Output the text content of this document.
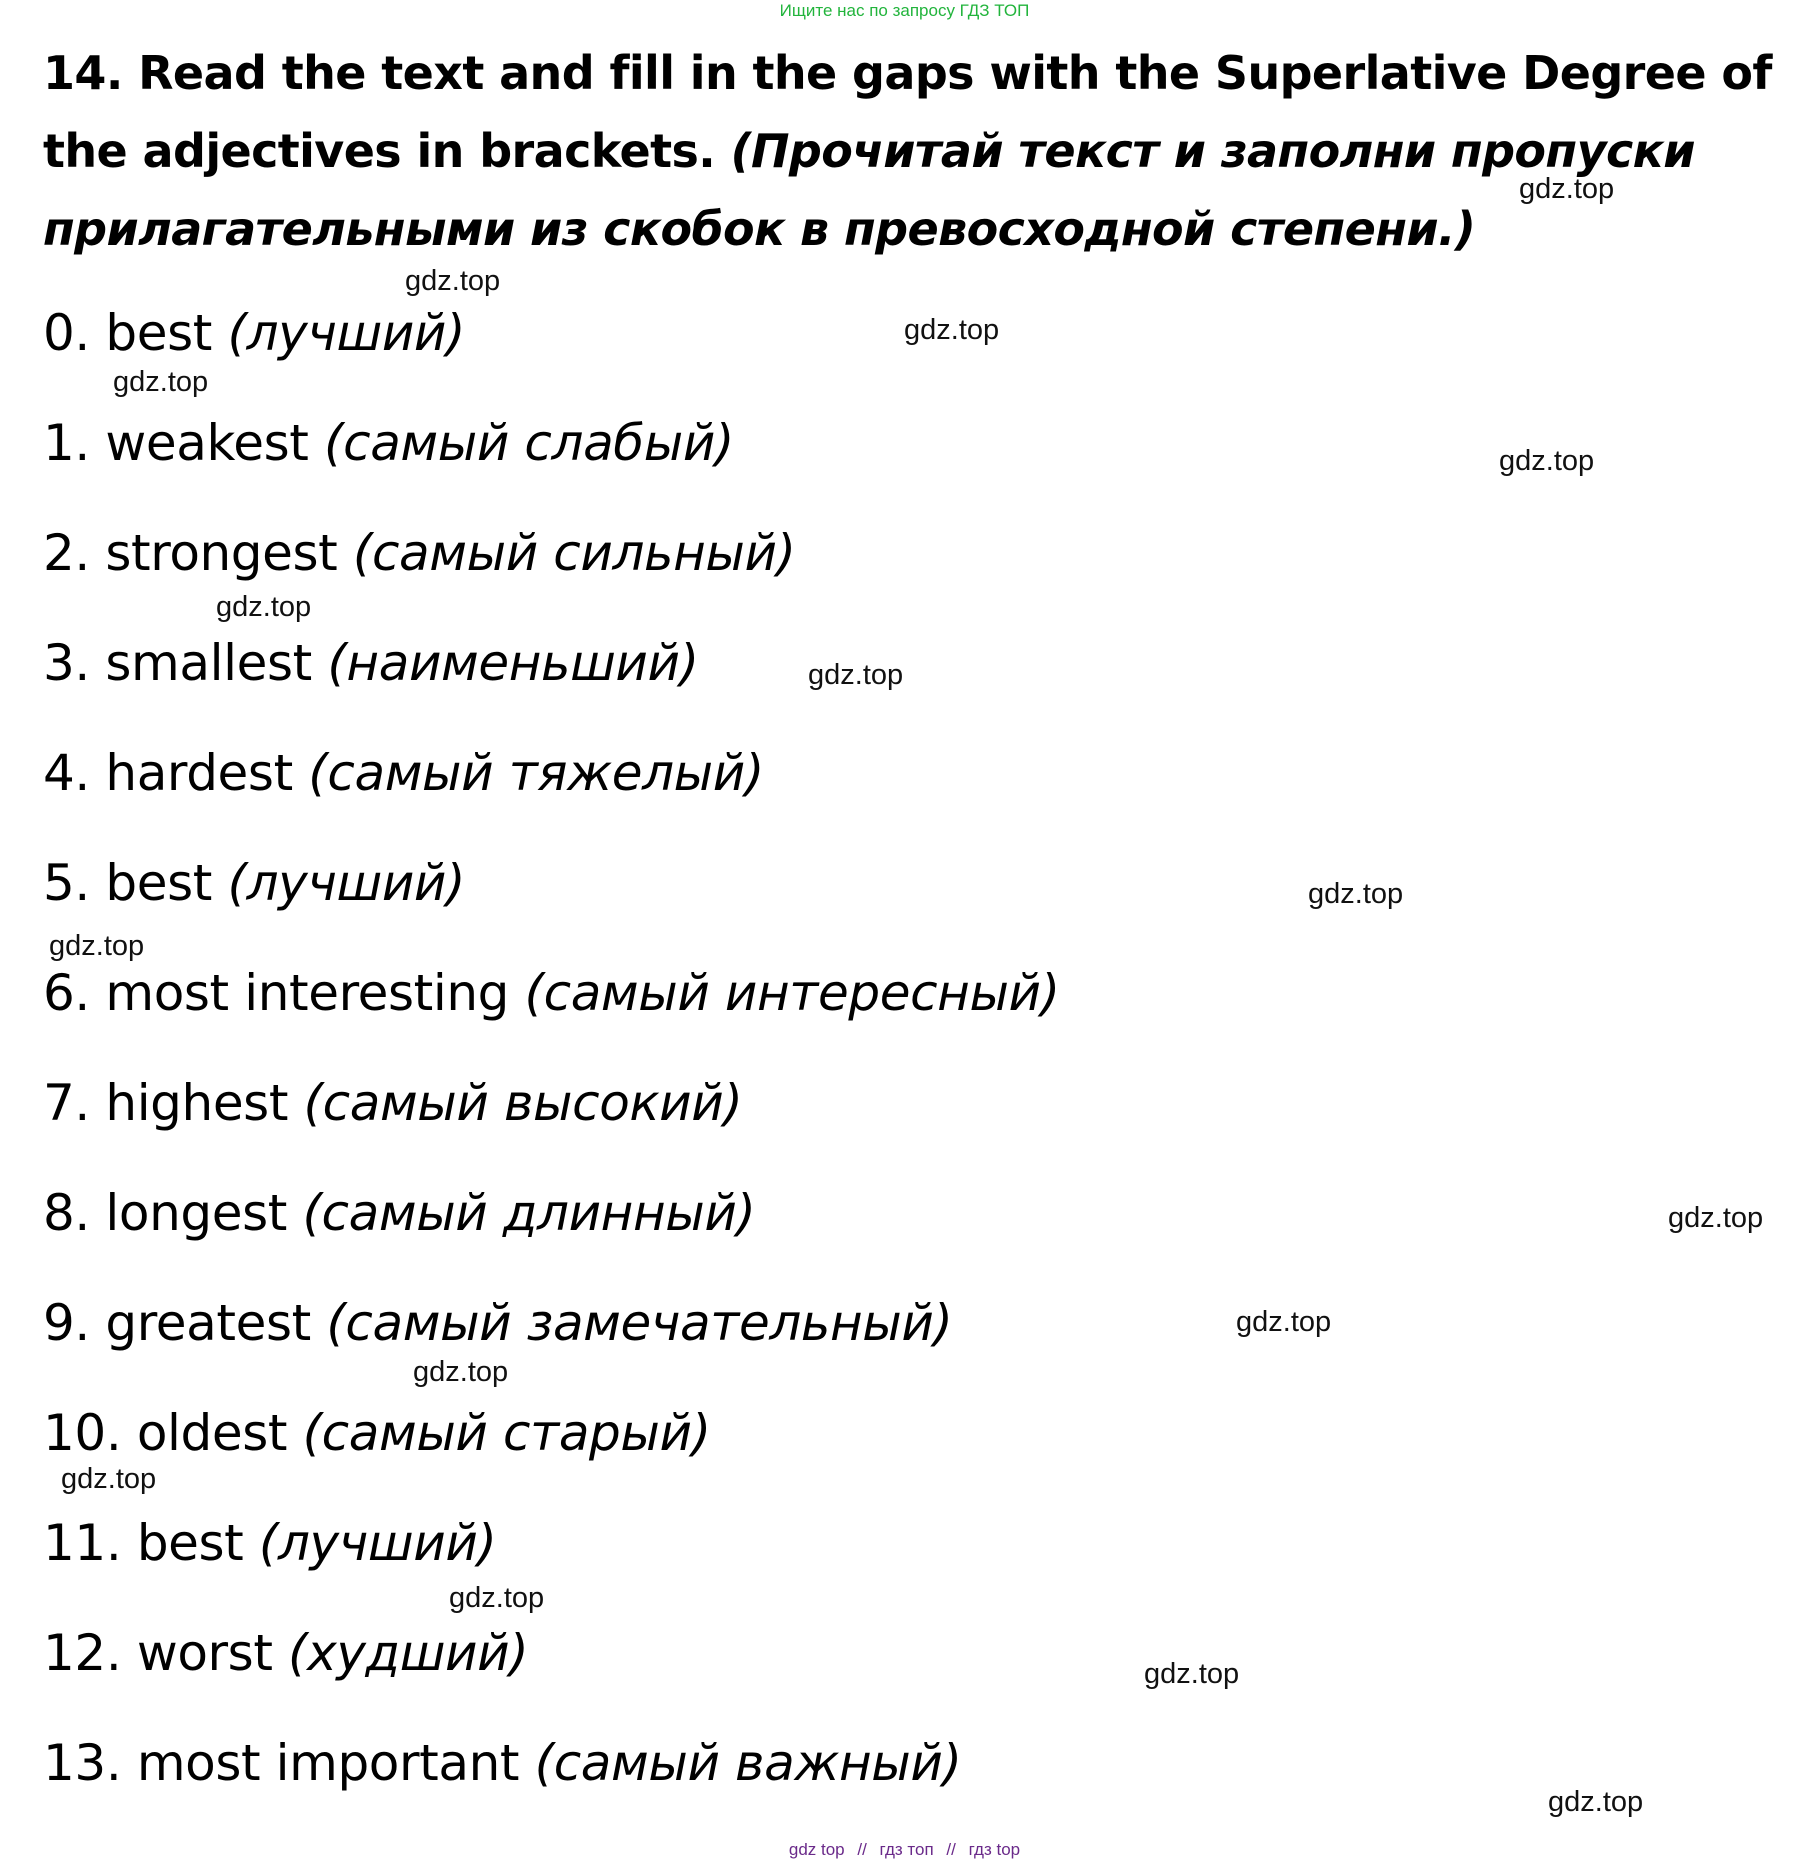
Ищите нас по запросу ГДЗ ТОП
14. Read the text and fill in the gaps with the Superlative Degree of the adjectives in brackets. (Прочитай текст и заполни пропуски прилагательными из скобок в превосходной степени.)
0. best (лучший)
1. weakest (самый слабый)
2. strongest (самый сильный)
3. smallest (наименьший)
4. hardest (самый тяжелый)
5. best (лучший)
6. most interesting (самый интересный)
7. highest (самый высокий)
8. longest (самый длинный)
9. greatest (самый замечательный)
10. oldest (самый старый)
11. best (лучший)
12. worst (худший)
13. most important (самый важный)
gdz.top
gdz.top
gdz.top
gdz.top
gdz.top
gdz.top
gdz.top
gdz.top
gdz.top
gdz.top
gdz.top
gdz.top
gdz.top
gdz.top
gdz.top
gdz.top
gdz top // гдз топ // гдз top
